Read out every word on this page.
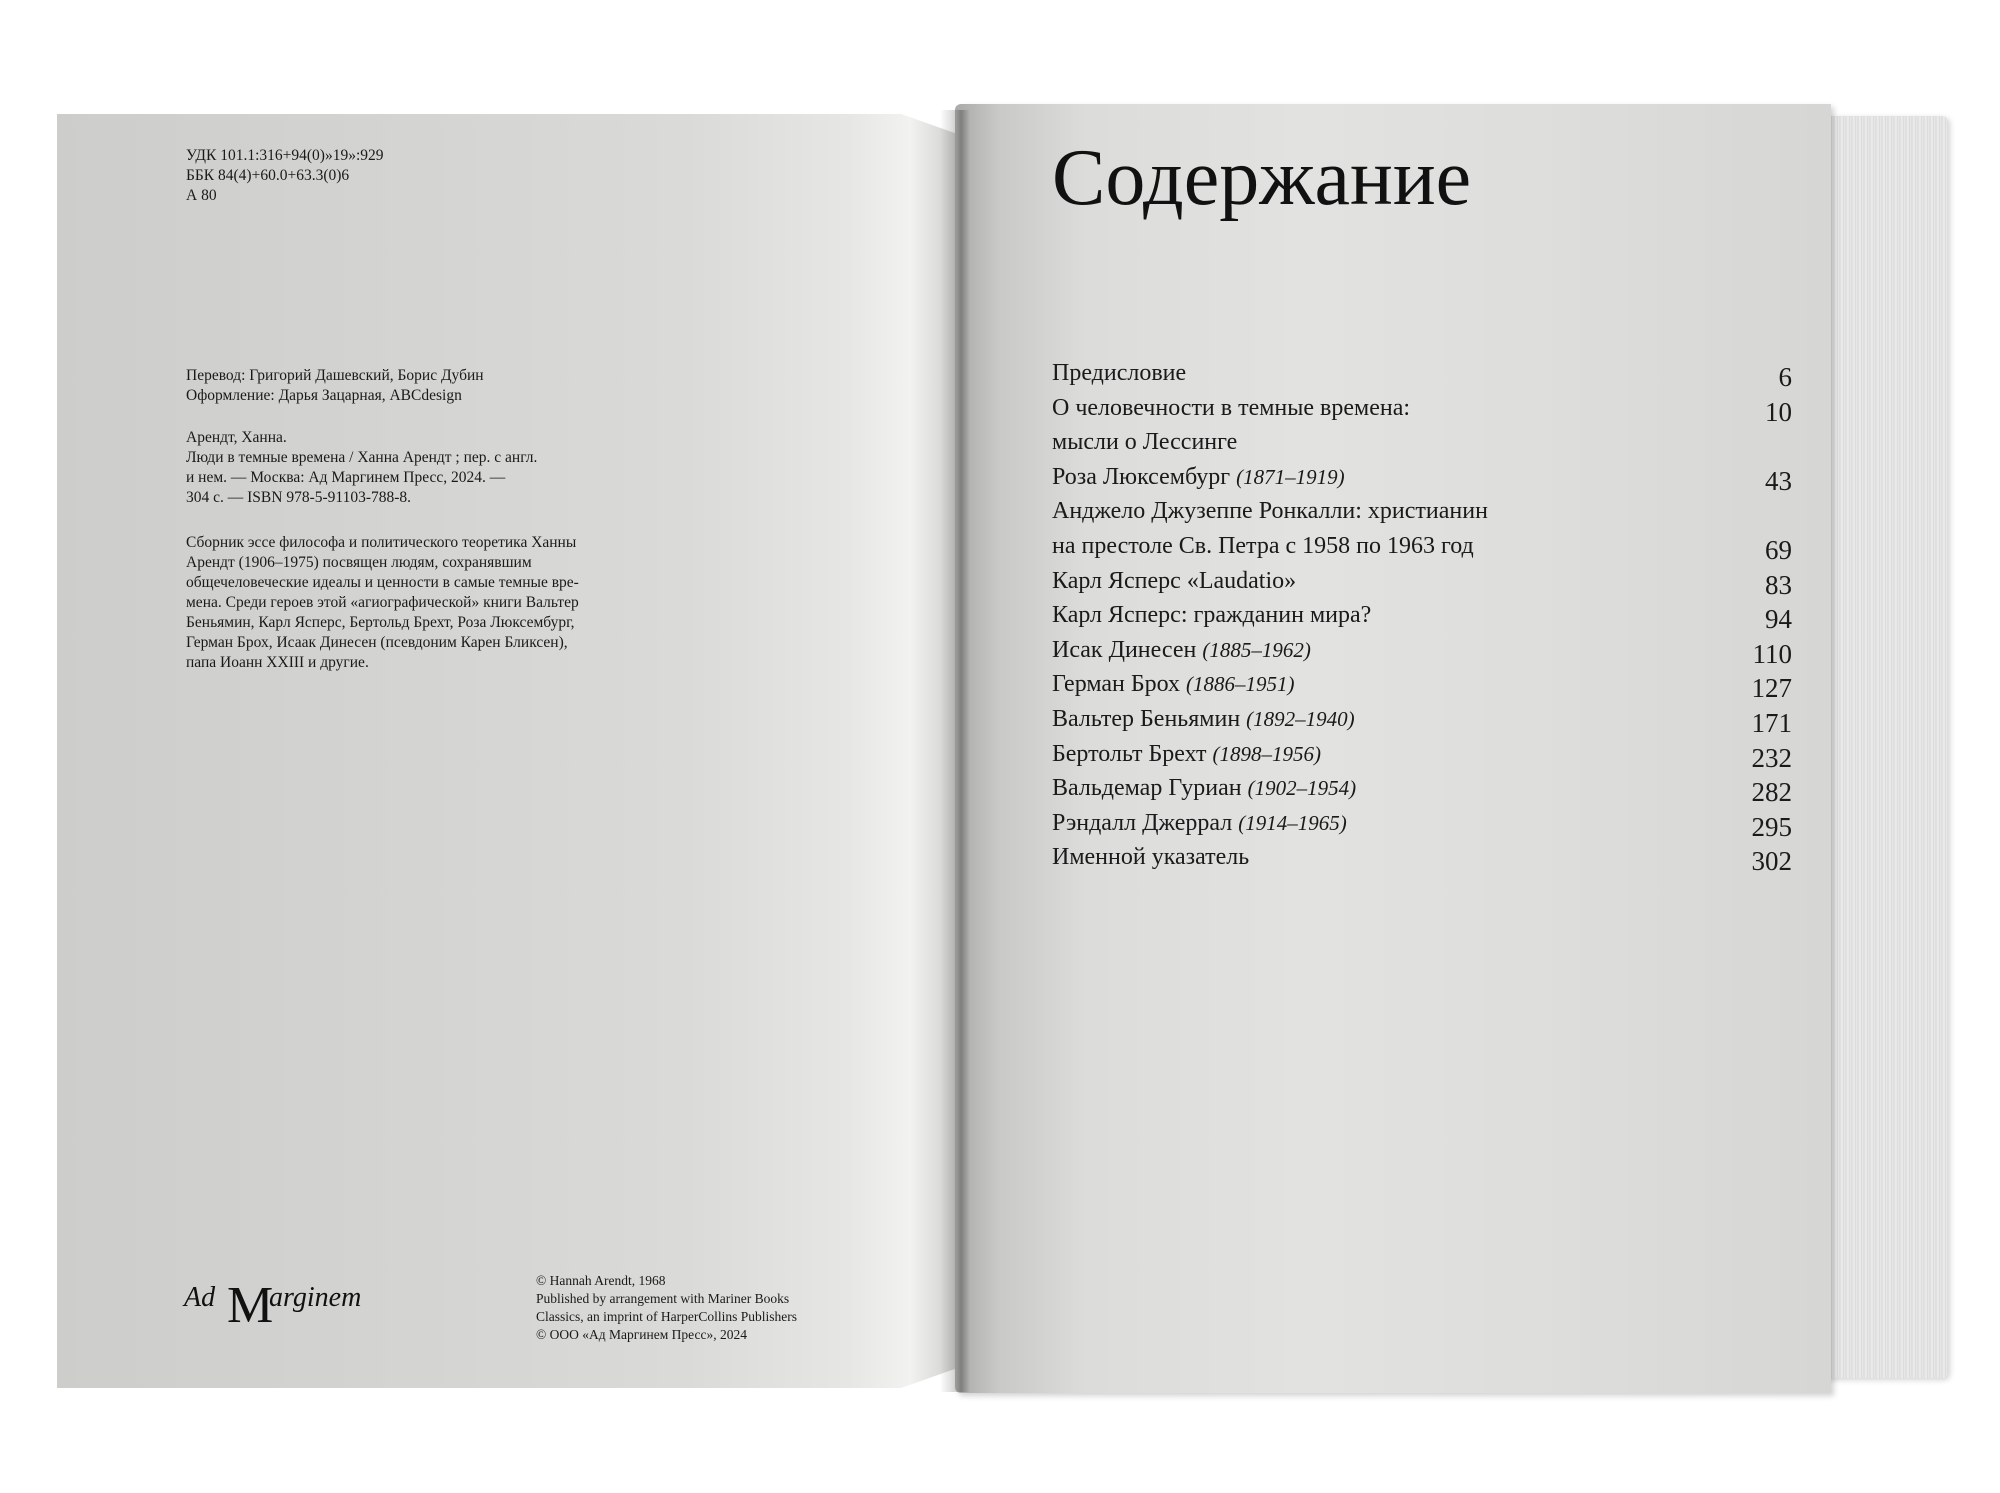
УДК 101.1:316+94(0)»19»:929
ББК 84(4)+60.0+63.3(0)6
А 80
Перевод: Григорий Дашевский, Борис Дубин
Оформление: Дарья Зацарная, ABCdesign
Арендт, Ханна.
Люди в темные времена / Ханна Арендт ; пер. с англ.
и нем. — Москва: Ад Маргинем Пресс, 2024. —
304 с. — ISBN 978-5-91103-788-8.
Сборник эссе философа и политического теоретика Ханны
Арендт (1906–1975) посвящен людям, сохранявшим
общечеловеческие идеалы и ценности в самые темные вре-
мена. Среди героев этой «агиографической» книги Вальтер
Беньямин, Карл Ясперс, Бертольд Брехт, Роза Люксембург,
Герман Брох, Исаак Динесен (псевдоним Карен Бликсен),
папа Иоанн XXIII и другие.
Ad M
arginem
© Hannah Arendt, 1968
Published by arrangement with Mariner Books
Classics, an imprint of HarperCollins Publishers
© ООО «Ад Маргинем Пресс», 2024
Содержание
Предисловие	6
О человечности в темные времена:	10
мысли о Лессинге
Роза Люксембург (1871–1919)	43
Анджело Джузеппе Ронкалли: христианин
на престоле Св. Петра с 1958 по 1963 год	69
Карл Ясперс «Laudatio»	83
Карл Ясперс: гражданин мира?	94
Исак Динесен (1885–1962)	110
Герман Брох (1886–1951)	127
Вальтер Беньямин (1892–1940)	171
Бертольт Брехт (1898–1956)	232
Вальдемар Гуриан (1902–1954)	282
Рэндалл Джеррал (1914–1965)	295
Именной указатель	302
